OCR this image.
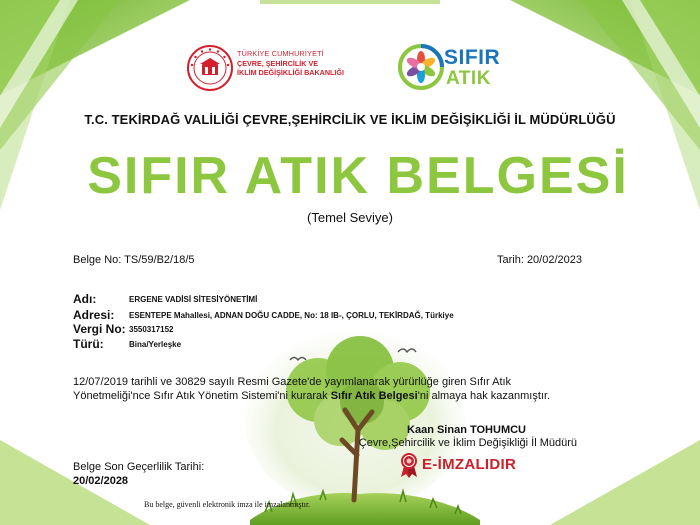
TÜRKİYE CUMHURİYETİ
ÇEVRE, ŞEHİRCİLİK VE
İKLİM DEĞİŞİKLİĞİ BAKANLIĞI
SIFIR
ATIK
T.C. TEKİRDAĞ VALİLİĞİ ÇEVRE,ŞEHİRCİLİK VE İKLİM DEĞİŞİKLİĞİ İL MÜDÜRLÜĞÜ
SIFIR ATIK BELGESİ
(Temel Seviye)
Belge No: TS/59/B2/18/5	Tarih: 20/02/2023
Adı:	ERGENE VADİSİ SİTESİYÖNETİMİ
Adresi: ESENTEPE Mahallesi, ADNAN DOĞU CADDE, No: 18 IB-, ÇORLU, TEKİRDAĞ, Türkiye
Vergi No: 3550317152
Türü:	Bina/Yerleşke
12/07/2019 tarihli ve 30829 sayılı Resmi Gazete'de yayımlanarak yürürlüğe giren Sıfır Atık
Yönetmeliği'nce Sıfır Atık Yönetim Sistemi'ni kurarak Sıfır Atık Belgesi'ni almaya hak kazanmıştır.
Kaan Sinan TOHUMCU
Çevre,Şehircilik ve İklim Değişikliği İl Müdürü
Belge Son Geçerlilik Tarihi:
20/02/2028
E-İMZALIDIR
Bu belge, güvenli elektronik imza ile imzalanmıştır.
